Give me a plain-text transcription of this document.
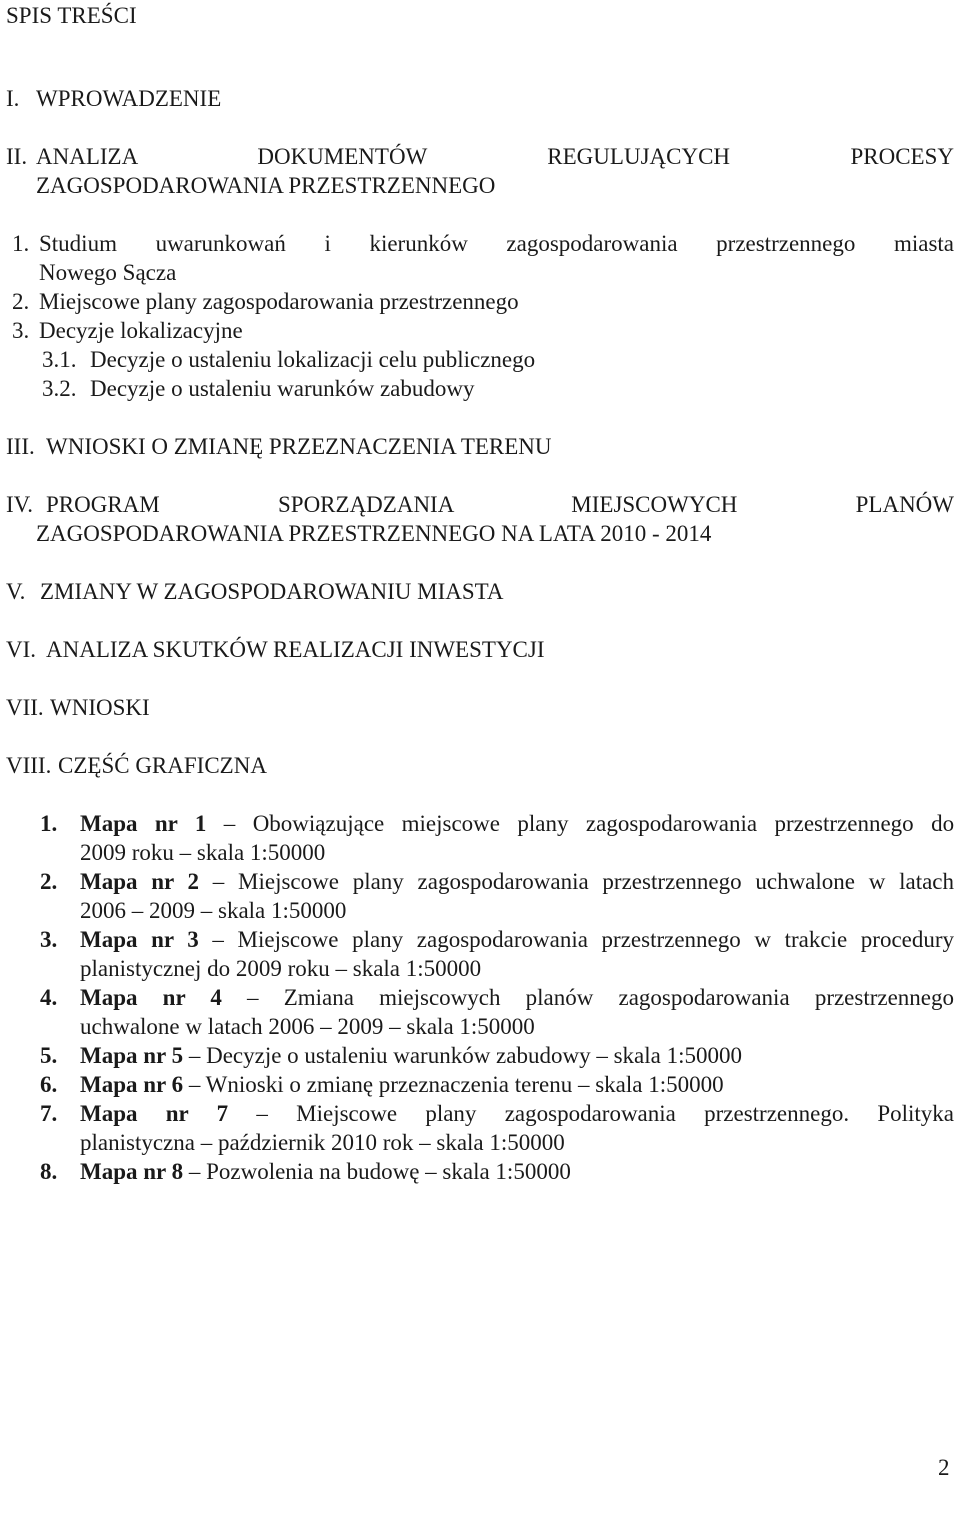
SPIS TREŚCI
I. WPROWADZENIE
II. ANALIZA	DOKUMENTÓW	REGULUJĄCYCH	PROCESY
ZAGOSPODAROWANIA PRZESTRZENNEGO
1. Studium uwarunkowań i kierunków zagospodarowania przestrzennego miasta
Nowego Sącza
2. Miejscowe plany zagospodarowania przestrzennego
3. Decyzje lokalizacyjne
3.1. Decyzje o ustaleniu lokalizacji celu publicznego
3.2. Decyzje o ustaleniu warunków zabudowy
III. WNIOSKI O ZMIANĘ PRZEZNACZENIA TERENU
IV. PROGRAM	SPORZĄDZANIA	MIEJSCOWYCH	PLANÓW
ZAGOSPODAROWANIA PRZESTRZENNEGO NA LATA 2010 - 2014
V. ZMIANY W ZAGOSPODAROWANIU MIASTA
VI. ANALIZA SKUTKÓW REALIZACJI INWESTYCJI
VII. WNIOSKI
VIII. CZĘŚĆ GRAFICZNA
1. Mapa nr 1 – Obowiązujące miejscowe plany zagospodarowania przestrzennego do
2009 roku – skala 1:50000
2. Mapa nr 2 – Miejscowe plany zagospodarowania przestrzennego uchwalone w latach
2006 – 2009 – skala 1:50000
3. Mapa nr 3 – Miejscowe plany zagospodarowania przestrzennego w trakcie procedury
planistycznej do 2009 roku – skala 1:50000
4. Mapa nr 4 – Zmiana miejscowych planów zagospodarowania przestrzennego
uchwalone w latach 2006 – 2009 – skala 1:50000
5. Mapa nr 5 – Decyzje o ustaleniu warunków zabudowy – skala 1:50000
6. Mapa nr 6 – Wnioski o zmianę przeznaczenia terenu – skala 1:50000
7. Mapa nr 7 – Miejscowe plany zagospodarowania przestrzennego. Polityka
planistyczna – październik 2010 rok – skala 1:50000
8. Mapa nr 8 – Pozwolenia na budowę – skala 1:50000
2
